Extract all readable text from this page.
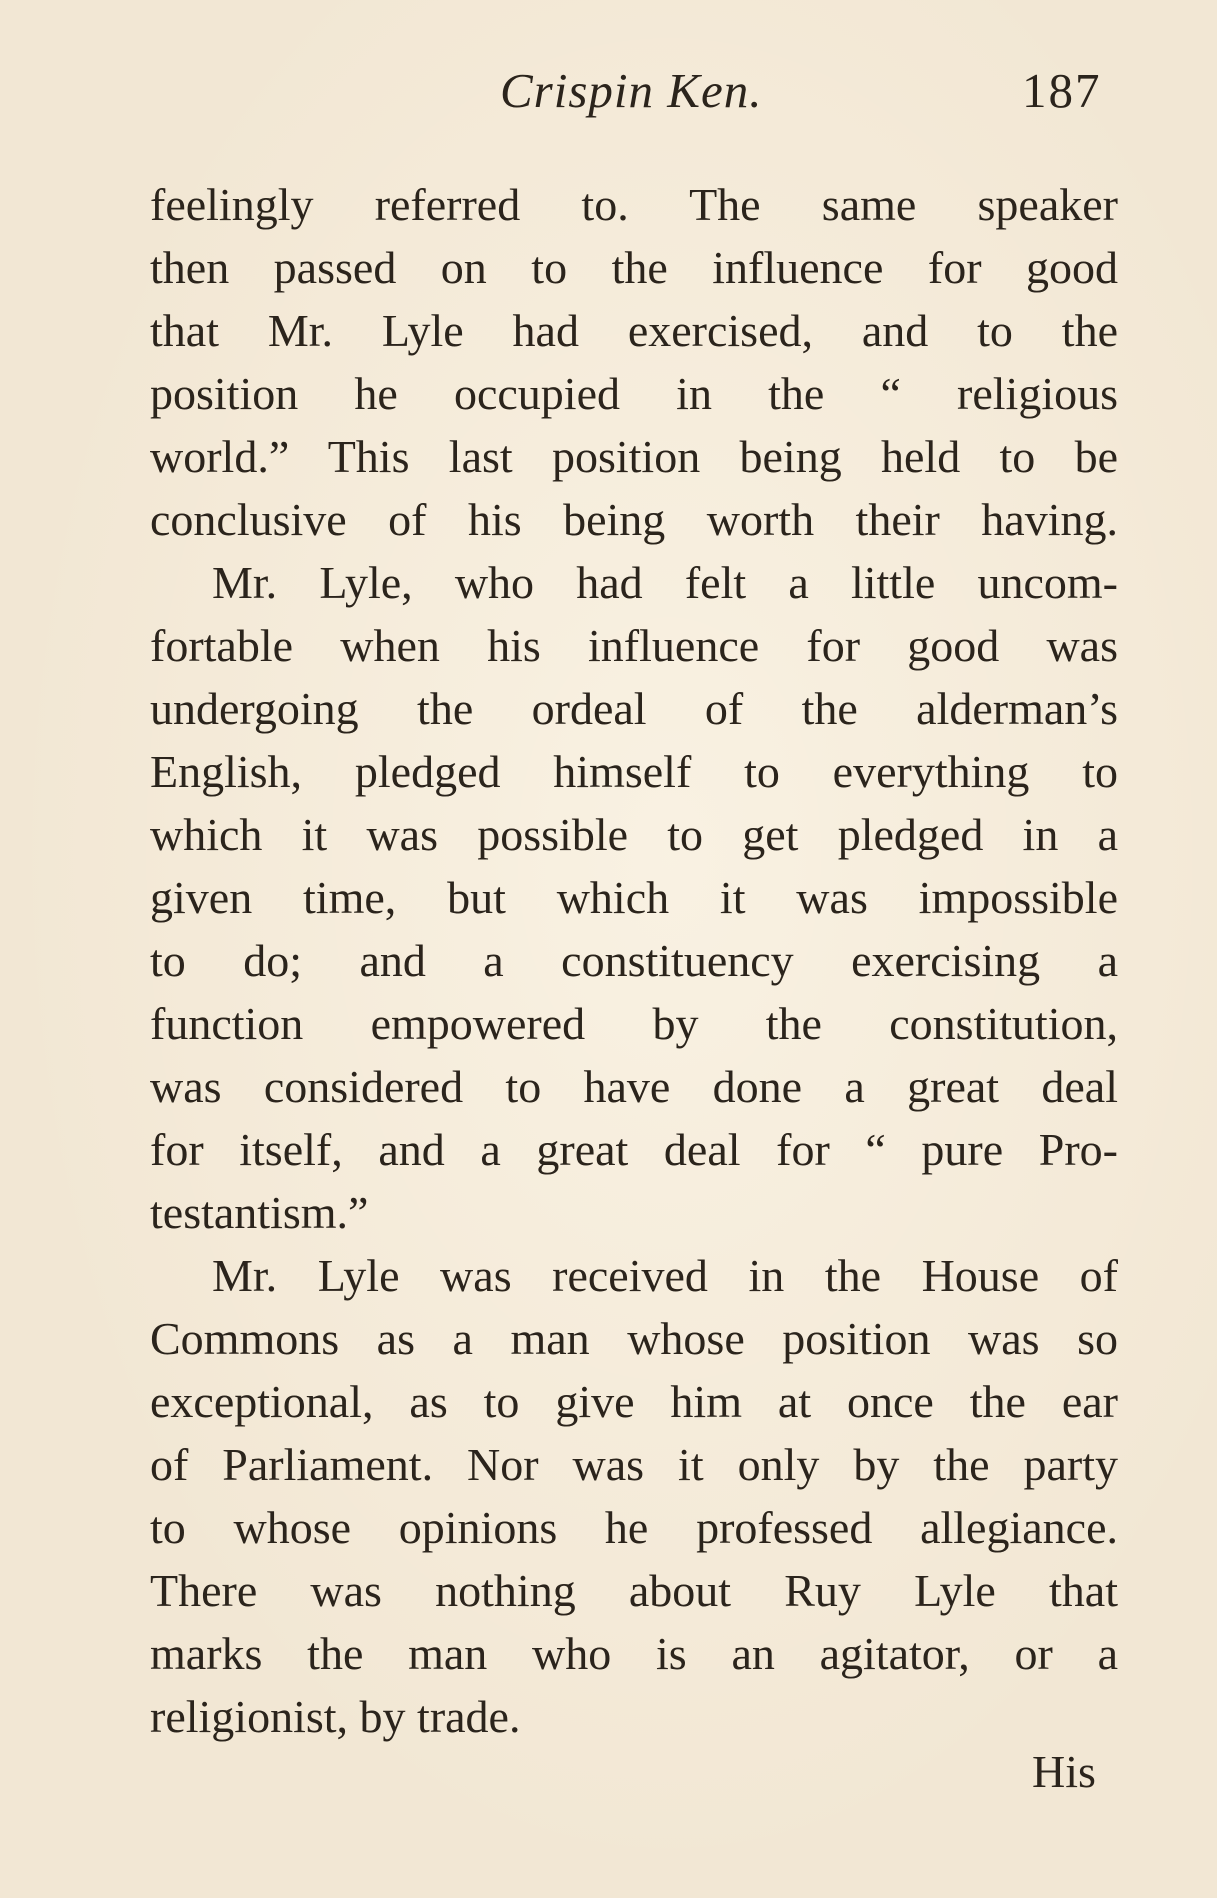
Crispin Ken.	187
feelingly referred to. The same speaker
then passed on to the influence for good
that Mr. Lyle had exercised, and to the
position he occupied in the “ religious
world.” This last position being held to be
conclusive of his being worth their having.
Mr. Lyle, who had felt a little uncom-
fortable when his influence for good was
undergoing the ordeal of the alderman’s
English, pledged himself to everything to
which it was possible to get pledged in a
given time, but which it was impossible
to do; and a constituency exercising a
function empowered by the constitution,
was considered to have done a great deal
for itself, and a great deal for “ pure Pro-
testantism.”
Mr. Lyle was received in the House of
Commons as a man whose position was so
exceptional, as to give him at once the ear
of Parliament. Nor was it only by the party
to whose opinions he professed allegiance.
There was nothing about Ruy Lyle that
marks the man who is an agitator, or a
religionist, by trade.
His
